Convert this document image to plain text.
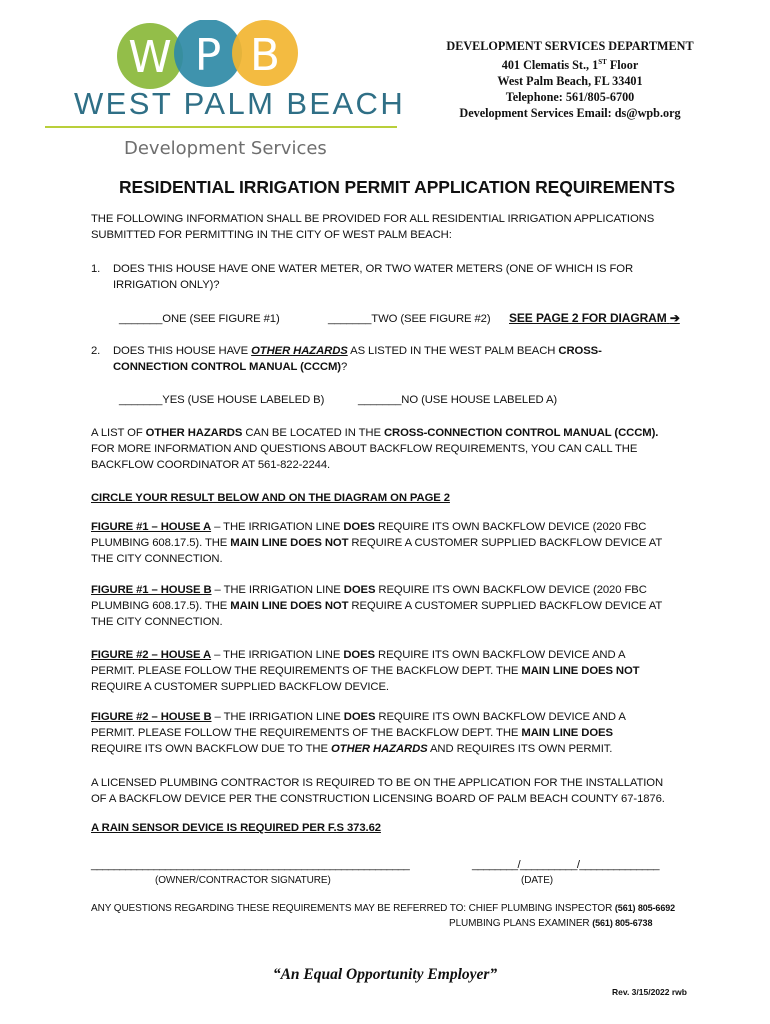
W P B
WEST PALM BEACH
Development Services
DEVELOPMENT SERVICES DEPARTMENT
401 Clematis St., 1ST Floor
West Palm Beach, FL 33401
Telephone: 561/805-6700
Development Services Email: ds@wpb.org
RESIDENTIAL IRRIGATION PERMIT APPLICATION REQUIREMENTS
THE FOLLOWING INFORMATION SHALL BE PROVIDED FOR ALL RESIDENTIAL IRRIGATION APPLICATIONS
SUBMITTED FOR PERMITTING IN THE CITY OF WEST PALM BEACH:
1. DOES THIS HOUSE HAVE ONE WATER METER, OR TWO WATER METERS (ONE OF WHICH IS FOR
IRRIGATION ONLY)?
_______ONE (SEE FIGURE #1)	_______TWO (SEE FIGURE #2) SEE PAGE 2 FOR DIAGRAM ➔
2. DOES THIS HOUSE HAVE OTHER HAZARDS AS LISTED IN THE WEST PALM BEACH CROSS-
CONNECTION CONTROL MANUAL (CCCM)?
_______YES (USE HOUSE LABELED B)	_______NO (USE HOUSE LABELED A)
A LIST OF OTHER HAZARDS CAN BE LOCATED IN THE CROSS-CONNECTION CONTROL MANUAL (CCCM).
FOR MORE INFORMATION AND QUESTIONS ABOUT BACKFLOW REQUIREMENTS, YOU CAN CALL THE
BACKFLOW COORDINATOR AT 561-822-2244.
CIRCLE YOUR RESULT BELOW AND ON THE DIAGRAM ON PAGE 2
FIGURE #1 – HOUSE A – THE IRRIGATION LINE DOES REQUIRE ITS OWN BACKFLOW DEVICE (2020 FBC
PLUMBING 608.17.5). THE MAIN LINE DOES NOT REQUIRE A CUSTOMER SUPPLIED BACKFLOW DEVICE AT
THE CITY CONNECTION.
FIGURE #1 – HOUSE B – THE IRRIGATION LINE DOES REQUIRE ITS OWN BACKFLOW DEVICE (2020 FBC
PLUMBING 608.17.5). THE MAIN LINE DOES NOT REQUIRE A CUSTOMER SUPPLIED BACKFLOW DEVICE AT
THE CITY CONNECTION.
FIGURE #2 – HOUSE A – THE IRRIGATION LINE DOES REQUIRE ITS OWN BACKFLOW DEVICE AND A
PERMIT. PLEASE FOLLOW THE REQUIREMENTS OF THE BACKFLOW DEPT. THE MAIN LINE DOES NOT
REQUIRE A CUSTOMER SUPPLIED BACKFLOW DEVICE.
FIGURE #2 – HOUSE B – THE IRRIGATION LINE DOES REQUIRE ITS OWN BACKFLOW DEVICE AND A
PERMIT. PLEASE FOLLOW THE REQUIREMENTS OF THE BACKFLOW DEPT. THE MAIN LINE DOES
REQUIRE ITS OWN BACKFLOW DUE TO THE OTHER HAZARDS AND REQUIRES ITS OWN PERMIT.
A LICENSED PLUMBING CONTRACTOR IS REQUIRED TO BE ON THE APPLICATION FOR THE INSTALLATION
OF A BACKFLOW DEVICE PER THE CONSTRUCTION LICENSING BOARD OF PALM BEACH COUNTY 67-1876.
A RAIN SENSOR DEVICE IS REQUIRED PER F.S 373.62
________________________________________________________
(OWNER/CONTRACTOR SIGNATURE)
________/__________/______________
(DATE)
ANY QUESTIONS REGARDING THESE REQUIREMENTS MAY BE REFERRED TO: CHIEF PLUMBING INSPECTOR (561) 805-6692
PLUMBING PLANS EXAMINER (561) 805-6738
“An Equal Opportunity Employer”
Rev. 3/15/2022 rwb
